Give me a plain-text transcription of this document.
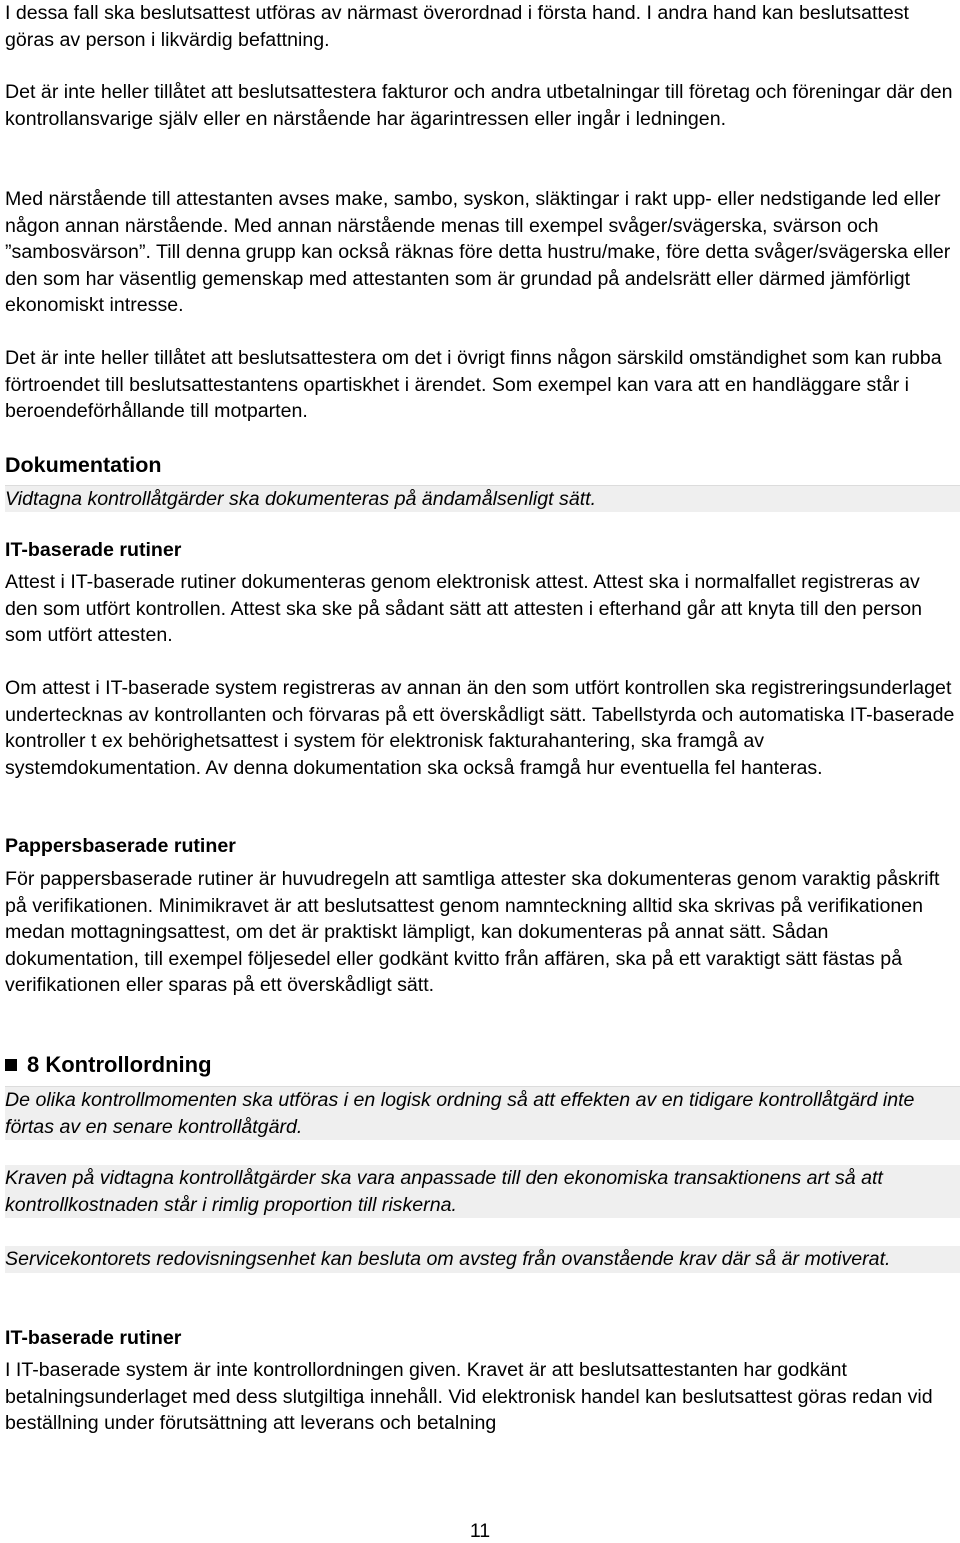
I dessa fall ska beslutsattest utföras av närmast överordnad i första hand. I andra hand kan beslutsattest göras av person i likvärdig befattning.

Det är inte heller tillåtet att beslutsattestera fakturor och andra utbetalningar till företag och föreningar där den kontrollansvarige själv eller en närstående har ägarintressen eller ingår i ledningen.

Med närstående till attestanten avses make, sambo, syskon, släktingar i rakt upp- eller nedstigande led eller någon annan närstående. Med annan närstående menas till exempel svåger/svägerska, svärson och ”sambosvärson”. Till denna grupp kan också räknas före detta hustru/make, före detta svåger/svägerska eller den som har väsentlig gemenskap med attestanten som är grundad på andelsrätt eller därmed jämförligt ekonomiskt intresse.

Det är inte heller tillåtet att beslutsattestera om det i övrigt finns någon särskild omständighet som kan rubba förtroendet till beslutsattestantens opartiskhet i ärendet. Som exempel kan vara att en handläggare står i beroendeförhållande till motparten.

Dokumentation
Vidtagna kontrollåtgärder ska dokumenteras på ändamålsenligt sätt.
IT-baserade rutiner

Attest i IT-baserade rutiner dokumenteras genom elektronisk attest. Attest ska i normalfallet registreras av den som utfört kontrollen. Attest ska ske på sådant sätt att attesten i efterhand går att knyta till den person som utfört attesten.

Om attest i IT-baserade system registreras av annan än den som utfört kontrollen ska registreringsunderlaget undertecknas av kontrollanten och förvaras på ett överskådligt sätt. Tabellstyrda och automatiska IT-baserade kontroller t ex behörighetsattest i system för elektronisk fakturahantering, ska framgå av systemdokumentation. Av denna dokumentation ska också framgå hur eventuella fel hanteras.

Pappersbaserade rutiner

För pappersbaserade rutiner är huvudregeln att samtliga attester ska dokumenteras genom varaktig påskrift på verifikationen. Minimikravet är att beslutsattest genom namnteckning alltid ska skrivas på verifikationen medan mottagningsattest, om det är praktiskt lämpligt, kan dokumenteras på annat sätt. Sådan dokumentation, till exempel följesedel eller godkänt kvitto från affären, ska på ett varaktigt sätt fästas på verifikationen eller sparas på ett överskådligt sätt.

8 Kontrollordning
De olika kontrollmomenten ska utföras i en logisk ordning så att effekten av en tidigare kontrollåtgärd inte förtas av en senare kontrollåtgärd.
Kraven på vidtagna kontrollåtgärder ska vara anpassade till den ekonomiska transaktionens art så att kontrollkostnaden står i rimlig proportion till riskerna.
Servicekontorets redovisningsenhet kan besluta om avsteg från ovanstående krav där så är motiverat.
IT-baserade rutiner

I IT-baserade system är inte kontrollordningen given. Kravet är att beslutsattestanten har godkänt betalningsunderlaget med dess slutgiltiga innehåll. Vid elektronisk handel kan beslutsattest göras redan vid beställning under förutsättning att leverans och betalning

11
